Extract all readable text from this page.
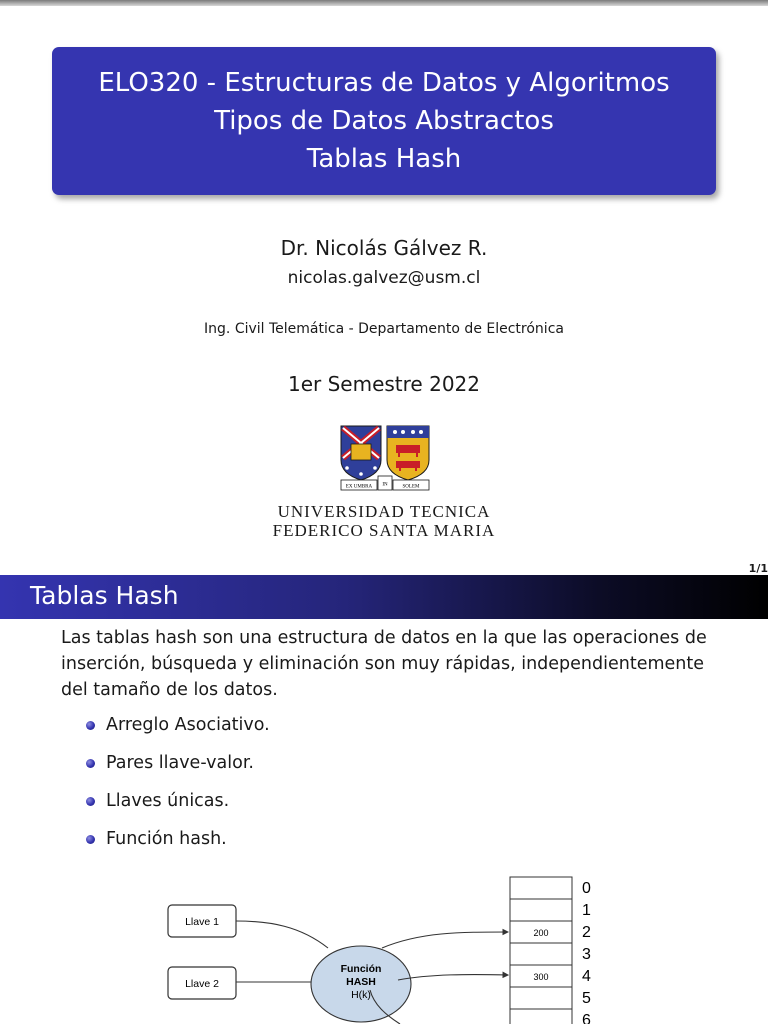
ELO320 - Estructuras de Datos y Algoritmos
Tipos de Datos Abstractos
Tablas Hash
Dr. Nicolás Gálvez R.
nicolas.galvez@usm.cl
Ing. Civil Telemática - Departamento de Electrónica
1er Semestre 2022
EX UMBRA IN	SOLEM
UNIVERSIDAD TECNICA
FEDERICO SANTA MARIA
1/1
Tablas Hash
Las tablas hash son una estructura de datos en la que las operaciones de inserción, búsqueda y eliminación son muy rápidas, independientemente del tamaño de los datos.
Arreglo Asociativo.
Pares llave-valor.
Llaves únicas.
Función hash.
Llave 1
Llave 2
Función
HASH
H(k)
200
300
0
1
2
3
4
5
6
